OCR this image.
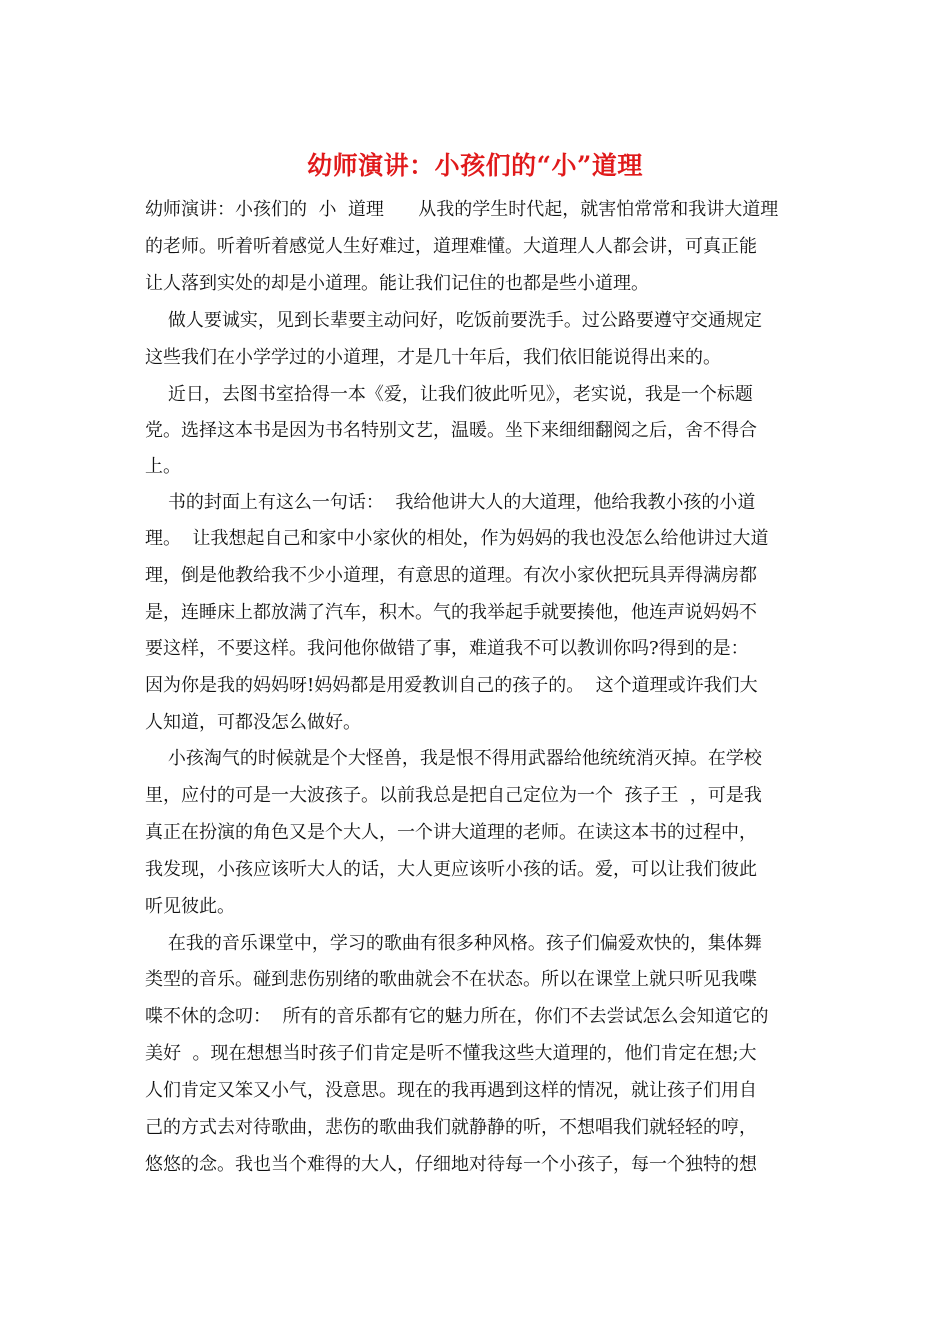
幼师演讲：小孩们的“小”道理
幼师演讲：小孩们的  小  道理      从我的学生时代起，就害怕常常和我讲大道理
的老师。听着听着感觉人生好难过，道理难懂。大道理人人都会讲，可真正能
让人落到实处的却是小道理。能让我们记住的也都是些小道理。
做人要诚实，见到长辈要主动问好，吃饭前要洗手。过公路要遵守交通规定
这些我们在小学学过的小道理，才是几十年后，我们依旧能说得出来的。
近日，去图书室拾得一本《爱，让我们彼此听见》，老实说，我是一个标题
党。选择这本书是因为书名特别文艺，温暖。坐下来细细翻阅之后，舍不得合
上。
书的封面上有这么一句话：  我给他讲大人的大道理，他给我教小孩的小道
理。  让我想起自己和家中小家伙的相处，作为妈妈的我也没怎么给他讲过大道
理，倒是他教给我不少小道理，有意思的道理。有次小家伙把玩具弄得满房都
是，连睡床上都放满了汽车，积木。气的我举起手就要揍他，他连声说妈妈不
要这样，不要这样。我问他你做错了事，难道我不可以教训你吗?得到的是：
因为你是我的妈妈呀!妈妈都是用爱教训自己的孩子的。  这个道理或许我们大
人知道，可都没怎么做好。
小孩淘气的时候就是个大怪兽，我是恨不得用武器给他统统消灭掉。在学校
里，应付的可是一大波孩子。以前我总是把自己定位为一个  孩子王  ，可是我
真正在扮演的角色又是个大人，一个讲大道理的老师。在读这本书的过程中，
我发现，小孩应该听大人的话，大人更应该听小孩的话。爱，可以让我们彼此
听见彼此。
在我的音乐课堂中，学习的歌曲有很多种风格。孩子们偏爱欢快的，集体舞
类型的音乐。碰到悲伤别绪的歌曲就会不在状态。所以在课堂上就只听见我喋
喋不休的念叨：  所有的音乐都有它的魅力所在，你们不去尝试怎么会知道它的
美好  。现在想想当时孩子们肯定是听不懂我这些大道理的，他们肯定在想;大
人们肯定又笨又小气，没意思。现在的我再遇到这样的情况，就让孩子们用自
己的方式去对待歌曲，悲伤的歌曲我们就静静的听，不想唱我们就轻轻的哼，
悠悠的念。我也当个难得的大人，仔细地对待每一个小孩子，每一个独特的想
